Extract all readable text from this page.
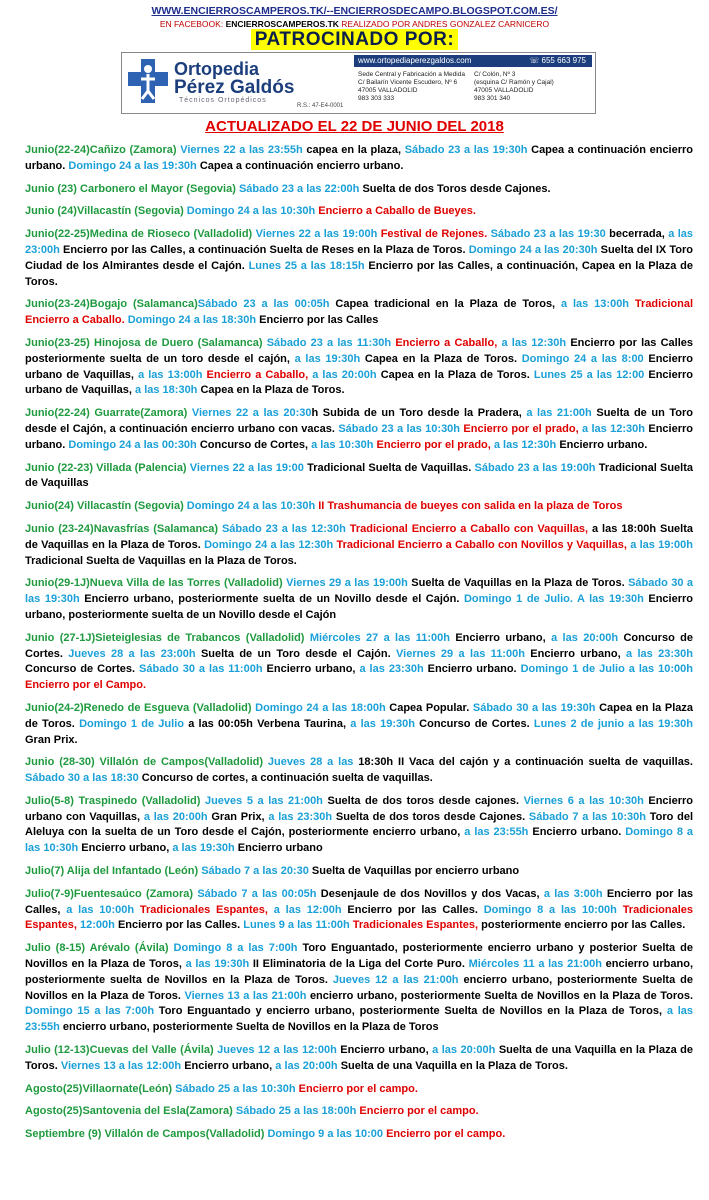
WWW.ENCIERROSCAMPEROS.TK/--ENCIERROSDECAMPO.BLOGSPOT.COM.ES/
EN FACEBOOK: ENCIERROSCAMPEROS.TK REALIZADO POR ANDRES GONZALEZ CARNICERO
PATROCINADO POR:
Ortopedia
Pérez Galdós
Técnicos Ortopédicos
R.S.: 47-E4-0001
www.ortopediaperezgaldos.com	☏ 655 663 975
Sede Central y Fabricación a Medida
C/ Bailarín Vicente Escudero, Nº 6
47005 VALLADOLID
983 303 333
C/ Colón, Nº 3
(esquina C/ Ramón y Cajal)
47005 VALLADOLID
983 301 340
ACTUALIZADO EL 22 DE JUNIO DEL 2018
Junio(22-24)Cañizo (Zamora) Viernes 22 a las 23:55h capea en la plaza, Sábado 23 a las 19:30h Capea a continuación encierro urbano. Domingo 24 a las 19:30h Capea a continuación encierro urbano.
Junio (23) Carbonero el Mayor (Segovia) Sábado 23 a las 22:00h Suelta de dos Toros desde Cajones.
Junio (24)Villacastín (Segovia) Domingo 24 a las 10:30h Encierro a Caballo de Bueyes.
Junio(22-25)Medina de Rioseco (Valladolid) Viernes 22 a las 19:00h Festival de Rejones. Sábado 23 a las 19:30 becerrada, a las 23:00h Encierro por las Calles, a continuación Suelta de Reses en la Plaza de Toros. Domingo 24 a las 20:30h Suelta del IX Toro Ciudad de los Almirantes desde el Cajón. Lunes 25 a las 18:15h Encierro por las Calles, a continuación, Capea en la Plaza de Toros.
Junio(23-24)Bogajo (Salamanca)Sábado 23 a las 00:05h Capea tradicional en la Plaza de Toros, a las 13:00h Tradicional Encierro a Caballo. Domingo 24 a las 18:30h Encierro por las Calles
Junio(23-25) Hinojosa de Duero (Salamanca) Sábado 23 a las 11:30h Encierro a Caballo, a las 12:30h Encierro por las Calles posteriormente suelta de un toro desde el cajón, a las 19:30h Capea en la Plaza de Toros. Domingo 24 a las 8:00 Encierro urbano de Vaquillas, a las 13:00h Encierro a Caballo, a las 20:00h Capea en la Plaza de Toros. Lunes 25 a las 12:00 Encierro urbano de Vaquillas, a las 18:30h Capea en la Plaza de Toros.
Junio(22-24) Guarrate(Zamora) Viernes 22 a las 20:30h Subida de un Toro desde la Pradera, a las 21:00h Suelta de un Toro desde el Cajón, a continuación encierro urbano con vacas. Sábado 23 a las 10:30h Encierro por el prado, a las 12:30h Encierro urbano. Domingo 24 a las 00:30h Concurso de Cortes, a las 10:30h Encierro por el prado, a las 12:30h Encierro urbano.
Junio (22-23) Villada (Palencia) Viernes 22 a las 19:00 Tradicional Suelta de Vaquillas. Sábado 23 a las 19:00h Tradicional Suelta de Vaquillas
Junio(24) Villacastín (Segovia) Domingo 24 a las 10:30h II Trashumancia de bueyes con salida en la plaza de Toros
Junio (23-24)Navasfrías (Salamanca) Sábado 23 a las 12:30h Tradicional Encierro a Caballo con Vaquillas, a las 18:00h Suelta de Vaquillas en la Plaza de Toros. Domingo 24 a las 12:30h Tradicional Encierro a Caballo con Novillos y Vaquillas, a las 19:00h Tradicional Suelta de Vaquillas en la Plaza de Toros.
Junio(29-1J)Nueva Villa de las Torres (Valladolid) Viernes 29 a las 19:00h Suelta de Vaquillas en la Plaza de Toros. Sábado 30 a las 19:30h Encierro urbano, posteriormente suelta de un Novillo desde el Cajón. Domingo 1 de Julio. A las 19:30h Encierro urbano, posteriormente suelta de un Novillo desde el Cajón
Junio (27-1J)Sieteiglesias de Trabancos (Valladolid) Miércoles 27 a las 11:00h Encierro urbano, a las 20:00h Concurso de Cortes. Jueves 28 a las 23:00h Suelta de un Toro desde el Cajón. Viernes 29 a las 11:00h Encierro urbano, a las 23:30h Concurso de Cortes. Sábado 30 a las 11:00h Encierro urbano, a las 23:30h Encierro urbano. Domingo 1 de Julio a las 10:00h Encierro por el Campo.
Junio(24-2)Renedo de Esgueva (Valladolid) Domingo 24 a las 18:00h Capea Popular. Sábado 30 a las 19:30h Capea en la Plaza de Toros. Domingo 1 de Julio a las 00:05h Verbena Taurina, a las 19:30h Concurso de Cortes. Lunes 2 de junio a las 19:30h Gran Prix.
Junio (28-30) Villalón de Campos(Valladolid) Jueves 28 a las 18:30h II Vaca del cajón y a continuación suelta de vaquillas. Sábado 30 a las 18:30 Concurso de cortes, a continuación suelta de vaquillas.
Julio(5-8) Traspinedo (Valladolid) Jueves 5 a las 21:00h Suelta de dos toros desde cajones. Viernes 6 a las 10:30h Encierro urbano con Vaquillas, a las 20:00h Gran Prix, a las 23:30h Suelta de dos toros desde Cajones. Sábado 7 a las 10:30h Toro del Aleluya con la suelta de un Toro desde el Cajón, posteriormente encierro urbano, a las 23:55h Encierro urbano. Domingo 8 a las 10:30h Encierro urbano, a las 19:30h Encierro urbano
Julio(7) Alija del Infantado (León) Sábado 7 a las 20:30 Suelta de Vaquillas por encierro urbano
Julio(7-9)Fuentesaúco (Zamora) Sábado 7 a las 00:05h Desenjaule de dos Novillos y dos Vacas, a las 3:00h Encierro por las Calles, a las 10:00h Tradicionales Espantes, a las 12:00h Encierro por las Calles. Domingo 8 a las 10:00h Tradicionales Espantes, 12:00h Encierro por las Calles. Lunes 9 a las 11:00h Tradicionales Espantes, posteriormente encierro por las Calles.
Julio (8-15) Arévalo (Ávila) Domingo 8 a las 7:00h Toro Enguantado, posteriormente encierro urbano y posterior Suelta de Novillos en la Plaza de Toros, a las 19:30h II Eliminatoria de la Liga del Corte Puro. Miércoles 11 a las 21:00h encierro urbano, posteriormente suelta de Novillos en la Plaza de Toros. Jueves 12 a las 21:00h encierro urbano, posteriormente Suelta de Novillos en la Plaza de Toros. Viernes 13 a las 21:00h encierro urbano, posteriormente Suelta de Novillos en la Plaza de Toros. Domingo 15 a las 7:00h Toro Enguantado y encierro urbano, posteriormente Suelta de Novillos en la Plaza de Toros, a las 23:55h encierro urbano, posteriormente Suelta de Novillos en la Plaza de Toros
Julio (12-13)Cuevas del Valle (Ávila) Jueves 12 a las 12:00h Encierro urbano, a las 20:00h Suelta de una Vaquilla en la Plaza de Toros. Viernes 13 a las 12:00h Encierro urbano, a las 20:00h Suelta de una Vaquilla en la Plaza de Toros.
Agosto(25)Villaornate(León) Sábado 25 a las 10:30h Encierro por el campo.
Agosto(25)Santovenia del Esla(Zamora) Sábado 25 a las 18:00h Encierro por el campo.
Septiembre (9) Villalón de Campos(Valladolid) Domingo 9 a las 10:00 Encierro por el campo.
